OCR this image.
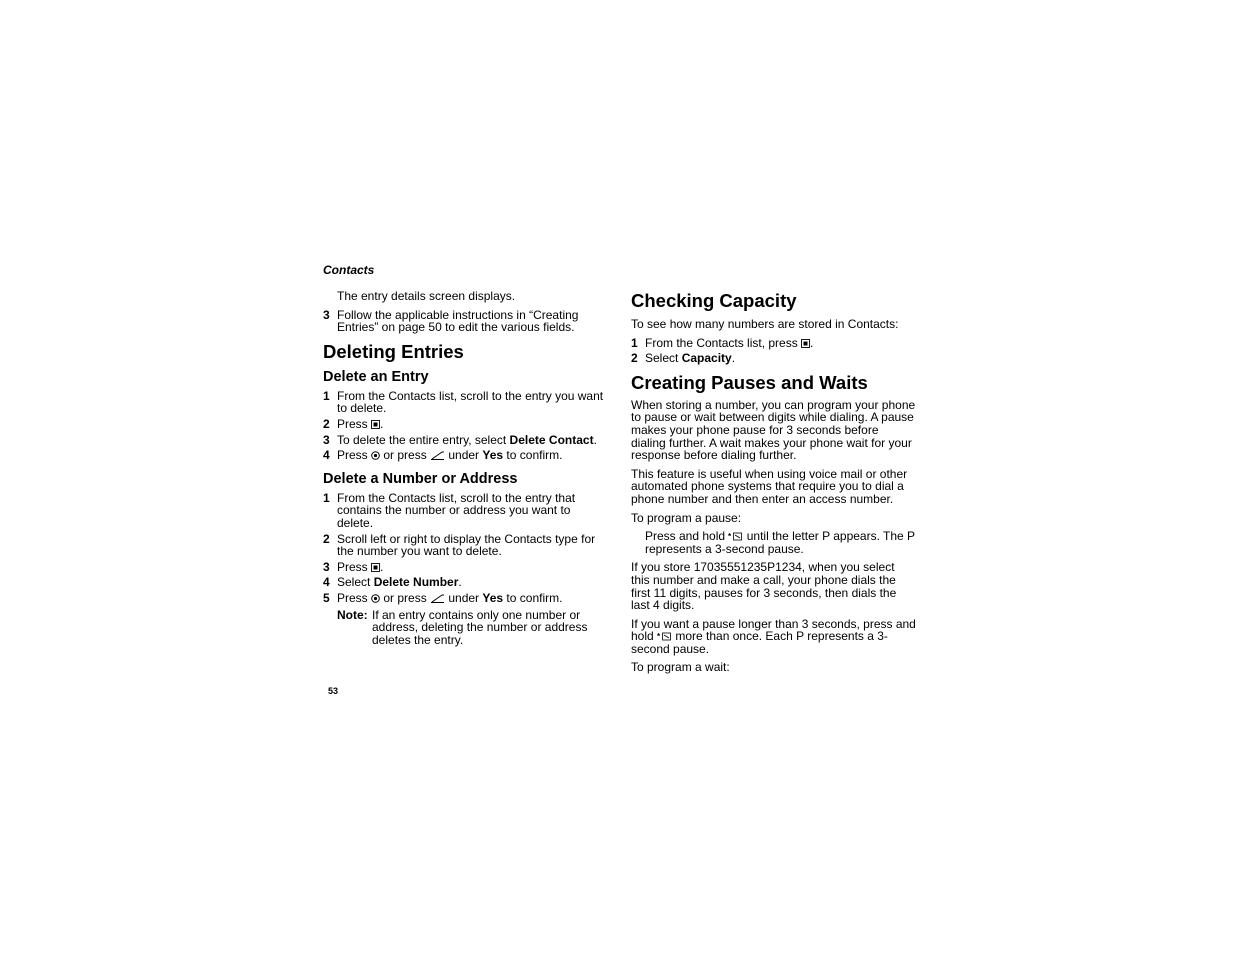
Contacts

The entry details screen displays.

3 Follow the applicable instructions in “Creating Entries” on page 50 to edit the various fields.
Deleting Entries
Delete an Entry
1 From the Contacts list, scroll to the entry you want to delete.
2 Press
.
3 To delete the entire entry, select Delete Contact.
4 Press
or press
under Yes to confirm.
Delete a Number or Address
1 From the Contacts list, scroll to the entry that contains the number or address you want to delete.
2 Scroll left or right to display the Contacts type for the number you want to delete.
3 Press
.
4 Select Delete Number.
5 Press
or press
under Yes to confirm.
Note: If an entry contains only one number or address, deleting the number or address deletes the entry.
53
Checking Capacity

To see how many numbers are stored in Contacts:

1 From the Contacts list, press
.
2 Select Capacity.
Creating Pauses and Waits

When storing a number, you can program your phone to pause or wait between digits while dialing. A pause makes your phone pause for 3 seconds before dialing further. A wait makes your phone wait for your response before dialing further.

This feature is useful when using voice mail or other automated phone systems that require you to dial a phone number and then enter an access number.

To program a pause:

Press and hold * until the letter P appears. The P represents a 3-second pause.

If you store 17035551235P1234, when you select this number and make a call, your phone dials the first 11 digits, pauses for 3 seconds, then dials the last 4 digits.

If you want a pause longer than 3 seconds, press and hold * more than once. Each P represents a 3-second pause.

To program a wait:
